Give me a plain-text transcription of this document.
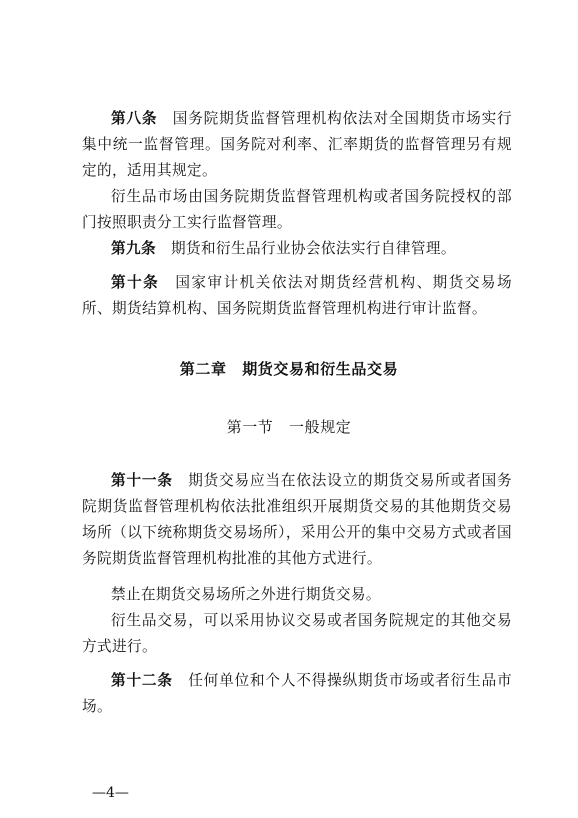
第八条　 国务院期货监督管理机构依法对全国期货市场实行集中统一监督管理。国务院对利率、汇率期货的监督管理另有规定的，适用其规定。

衍生品市场由国务院期货监督管理机构或者国务院授权的部门按照职责分工实行监督管理。

第九条　 期货和衍生品行业协会依法实行自律管理。

第十条　 国家审计机关依法对期货经营机构、期货交易场所、期货结算机构、国务院期货监督管理机构进行审计监督。

第二章　期货交易和衍生品交易

第一节　一般规定

第十一条　 期货交易应当在依法设立的期货交易所或者国务院期货监督管理机构依法批准组织开展期货交易的其他期货交易场所（以下统称期货交易场所），采用公开的集中交易方式或者国务院期货监督管理机构批准的其他方式进行。

禁止在期货交易场所之外进行期货交易。

衍生品交易，可以采用协议交易或者国务院规定的其他交易方式进行。

第十二条　 任何单位和个人不得操纵期货市场或者衍生品市场。

—4—
